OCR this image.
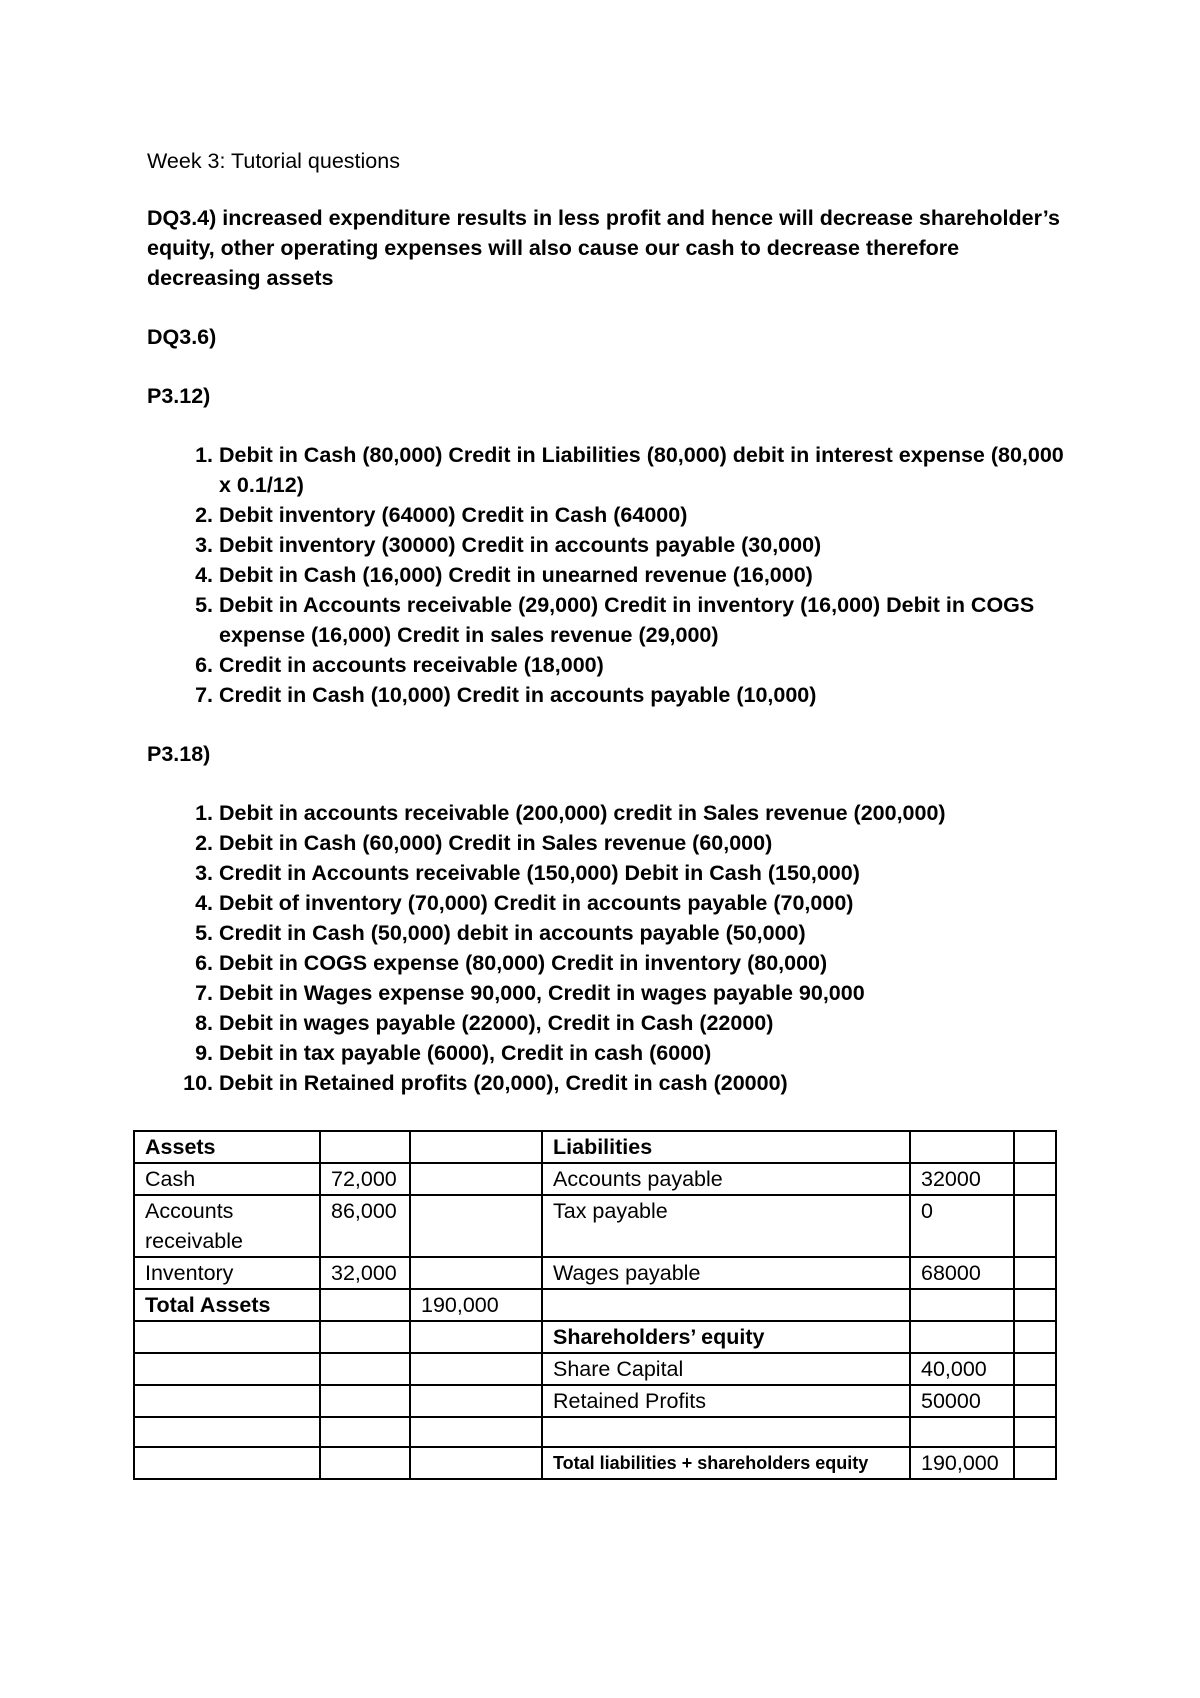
Week 3: Tutorial questions
DQ3.4) increased expenditure results in less profit and hence will decrease shareholder’s equity, other operating expenses will also cause our cash to decrease therefore decreasing assets
DQ3.6)
P3.12)
1. Debit in Cash (80,000) Credit in Liabilities (80,000) debit in interest expense (80,000 x 0.1/12)
2. Debit inventory (64000) Credit in Cash (64000)
3. Debit inventory (30000) Credit in accounts payable (30,000)
4. Debit in Cash (16,000) Credit in unearned revenue (16,000)
5. Debit in Accounts receivable (29,000) Credit in inventory (16,000) Debit in COGS expense (16,000) Credit in sales revenue (29,000)
6. Credit in accounts receivable (18,000)
7. Credit in Cash (10,000) Credit in accounts payable (10,000)
P3.18)
1. Debit in accounts receivable (200,000) credit in Sales revenue (200,000)
2. Debit in Cash (60,000) Credit in Sales revenue (60,000)
3. Credit in Accounts receivable (150,000) Debit in Cash (150,000)
4. Debit of inventory (70,000) Credit in accounts payable (70,000)
5. Credit in Cash (50,000) debit in accounts payable (50,000)
6. Debit in COGS expense (80,000) Credit in inventory (80,000)
7. Debit in Wages expense 90,000, Credit in wages payable 90,000
8. Debit in wages payable (22000), Credit in Cash (22000)
9. Debit in tax payable (6000), Credit in cash (6000)
10. Debit in Retained profits (20,000), Credit in cash (20000)
Assets			Liabilities		
Cash	72,000		Accounts payable	32000	
Accounts receivable	86,000		Tax payable	0	
Inventory	32,000		Wages payable	68000	
Total Assets		190,000			
			Shareholders’ equity		
			Share Capital	40,000	
			Retained Profits	50000	

			Total liabilities + shareholders equity	190,000	
